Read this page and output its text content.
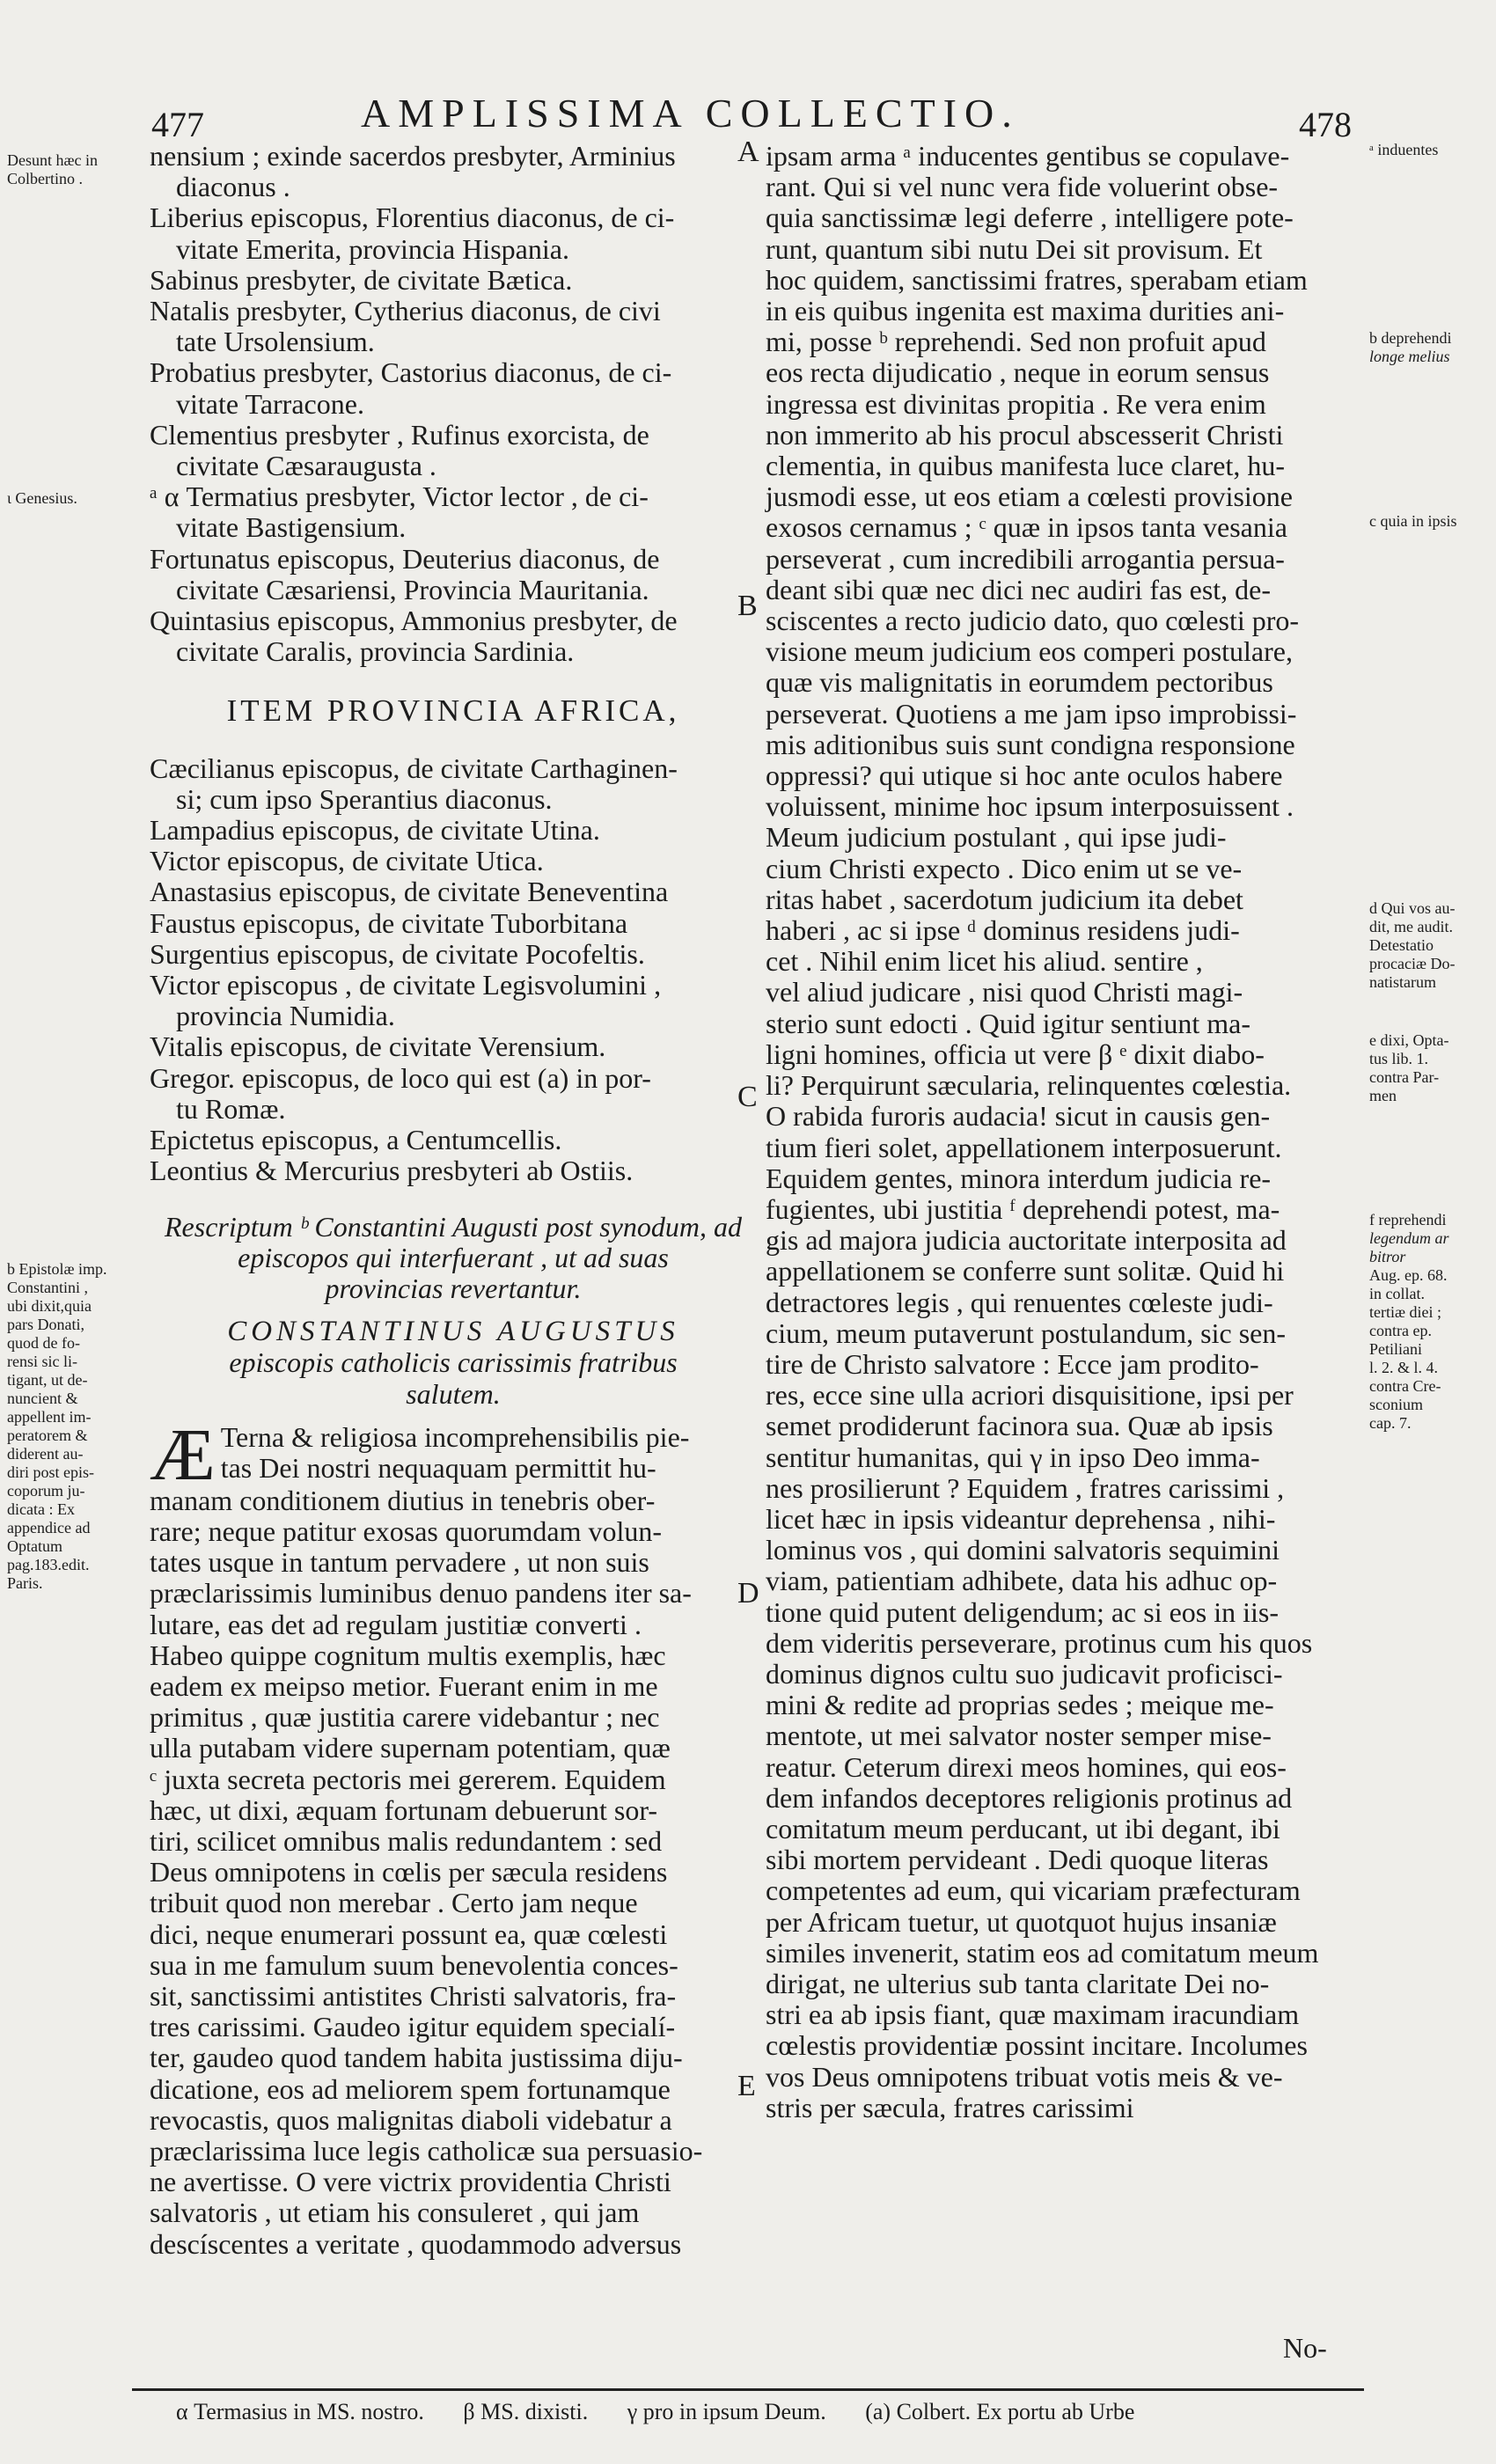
477	AMPLISSIMA COLLECTIO.	478

nensium ; exinde sacerdos presbyter, Arminius

diaconus .

Liberius episcopus, Florentius diaconus, de ci-

vitate Emerita, provincia Hispania.

Sabinus presbyter, de civitate Bætica.

Natalis presbyter, Cytherius diaconus, de civi

tate Ursolensium.

Probatius presbyter, Castorius diaconus, de ci-

vitate Tarracone.

Clementius presbyter , Rufinus exorcista, de

civitate Cæsaraugusta .

ᵃ α Termatius presbyter, Victor lector , de ci-

vitate Bastigensium.

Fortunatus episcopus, Deuterius diaconus, de

civitate Cæsariensi, Provincia Mauritania.

Quintasius episcopus, Ammonius presbyter, de

civitate Caralis, provincia Sardinia.

ITEM PROVINCIA AFRICA,

Cæcilianus episcopus, de civitate Carthaginen-

si; cum ipso Sperantius diaconus.

Lampadius episcopus, de civitate Utina.

Victor episcopus, de civitate Utica.

Anastasius episcopus, de civitate Beneventina

Faustus episcopus, de civitate Tuborbitana

Surgentius episcopus, de civitate Pocofeltis.

Victor episcopus , de civitate Legisvolumini ,

provincia Numidia.

Vitalis episcopus, de civitate Verensium.

Gregor. episcopus, de loco qui est (a) in por-

tu Romæ.

Epictetus episcopus, a Centumcellis.

Leontius & Mercurius presbyteri ab Ostiis.

Rescriptum ᵇ Constantini Augusti post synodum, ad

episcopos qui interfuerant , ut ad suas

provincias revertantur.

CONSTANTINUS AUGUSTUS

episcopis catholicis carissimis fratribus

salutem.

Æ Terna & religiosa incomprehensibilis pie-

tas Dei nostri nequaquam permittit hu-

manam conditionem diutius in tenebris ober-

rare; neque patitur exosas quorumdam volun-

tates usque in tantum pervadere , ut non suis

præclarissimis luminibus denuo pandens iter sa-

lutare, eas det ad regulam justitiæ converti .

Habeo quippe cognitum multis exemplis, hæc

eadem ex meipso metior. Fuerant enim in me

primitus , quæ justitia carere videbantur ; nec

ulla putabam videre supernam potentiam, quæ

ᶜ juxta secreta pectoris mei gererem. Equidem

hæc, ut dixi, æquam fortunam debuerunt sor-

tiri, scilicet omnibus malis redundantem : sed

Deus omnipotens in cœlis per sæcula residens

tribuit quod non merebar . Certo jam neque

dici, neque enumerari possunt ea, quæ cœlesti

sua in me famulum suum benevolentia conces-

sit, sanctissimi antistites Christi salvatoris, fra-

tres carissimi. Gaudeo igitur equidem specialí-

ter, gaudeo quod tandem habita justissima diju-

dicatione, eos ad meliorem spem fortunamque

revocastis, quos malignitas diaboli videbatur a

præclarissima luce legis catholicæ sua persuasio-

ne avertisse. O vere victrix providentia Christi

salvatoris , ut etiam his consuleret , qui jam

descíscentes a veritate , quodammodo adversus

ipsam arma ᵃ inducentes gentibus se copulave-

rant. Qui si vel nunc vera fide voluerint obse-

quia sanctissimæ legi deferre , intelligere pote-

runt, quantum sibi nutu Dei sit provisum. Et

hoc quidem, sanctissimi fratres, sperabam etiam

in eis quibus ingenita est maxima durities ani-

mi, posse ᵇ reprehendi. Sed non profuit apud

eos recta dijudicatio , neque in eorum sensus

ingressa est divinitas propitia . Re vera enim

non immerito ab his procul abscesserit Christi

clementia, in quibus manifesta luce claret, hu-

jusmodi esse, ut eos etiam a cœlesti provisione

exosos cernamus ; ᶜ quæ in ipsos tanta vesania

perseverat , cum incredibili arrogantia persua-

deant sibi quæ nec dici nec audiri fas est, de-

sciscentes a recto judicio dato, quo cœlesti pro-

visione meum judicium eos comperi postulare,

quæ vis malignitatis in eorumdem pectoribus

perseverat. Quotiens a me jam ipso improbissi-

mis aditionibus suis sunt condigna responsione

oppressi? qui utique si hoc ante oculos habere

voluissent, minime hoc ipsum interposuissent .

Meum judicium postulant , qui ipse judi-

cium Christi expecto . Dico enim ut se ve-

ritas habet , sacerdotum judicium ita debet

haberi , ac si ipse ᵈ dominus residens judi-

cet . Nihil enim licet his aliud. sentire ,

vel aliud judicare , nisi quod Christi magi-

sterio sunt edocti . Quid igitur sentiunt ma-

ligni homines, officia ut vere β ᵉ dixit diabo-

li? Perquirunt sæcularia, relinquentes cœlestia.

O rabida furoris audacia! sicut in causis gen-

tium fieri solet, appellationem interposuerunt.

Equidem gentes, minora interdum judicia re-

fugientes, ubi justitia ᶠ deprehendi potest, ma-

gis ad majora judicia auctoritate interposita ad

appellationem se conferre sunt solitæ. Quid hi

detractores legis , qui renuentes cœleste judi-

cium, meum putaverunt postulandum, sic sen-

tire de Christo salvatore : Ecce jam prodito-

res, ecce sine ulla acriori disquisitione, ipsi per

semet prodiderunt facinora sua. Quæ ab ipsis

sentitur humanitas, qui γ in ipso Deo imma-

nes prosilierunt ? Equidem , fratres carissimi ,

licet hæc in ipsis videantur deprehensa , nihi-

lominus vos , qui domini salvatoris sequimini

viam, patientiam adhibete, data his adhuc op-

tione quid putent deligendum; ac si eos in iis-

dem videritis perseverare, protinus cum his quos

dominus dignos cultu suo judicavit proficisci-

mini & redite ad proprias sedes ; meique me-

mentote, ut mei salvator noster semper mise-

reatur. Ceterum direxi meos homines, qui eos-

dem infandos deceptores religionis protinus ad

comitatum meum perducant, ut ibi degant, ibi

sibi mortem pervideant . Dedi quoque literas

competentes ad eum, qui vicariam præfecturam

per Africam tuetur, ut quotquot hujus insaniæ

similes invenerit, statim eos ad comitatum meum

dirigat, ne ulterius sub tanta claritate Dei no-

stri ea ab ipsis fiant, quæ maximam iracundiam

cœlestis providentiæ possint incitare. Incolumes

vos Deus omnipotens tribuat votis meis & ve-

stris per sæcula, fratres carissimi

A
B
C
D
E
Desunt hæc in
Colbertino .
ι Genesius.
b Epistolæ imp.
Constantini ,
ubi dixit,quia
pars Donati,
quod de fo-
rensi sic li-
tigant, ut de-
nuncient &
appellent im-
peratorem &
diderent au-
diri post epis-
coporum ju-
dicata : Ex
appendice ad
Optatum
pag.183.edit.
Paris.
ᵃ induentes
b deprehendi
longe melius
c quia in ipsis
d Qui vos au-
dit, me audit.
Detestatio
procaciæ Do-
natistarum
e dixi, Opta-
tus lib. 1.
contra Par-
men
f reprehendi
legendum ar
bitror
Aug. ep. 68.
in collat.
tertiæ diei ;
contra ep.
Petiliani
l. 2. & l. 4.
contra Cre-
sconium
cap. 7.
No-
α Termasius in MS. nostro. β MS. dixisti. γ pro in ipsum Deum. (a) Colbert. Ex portu ab Urbe
